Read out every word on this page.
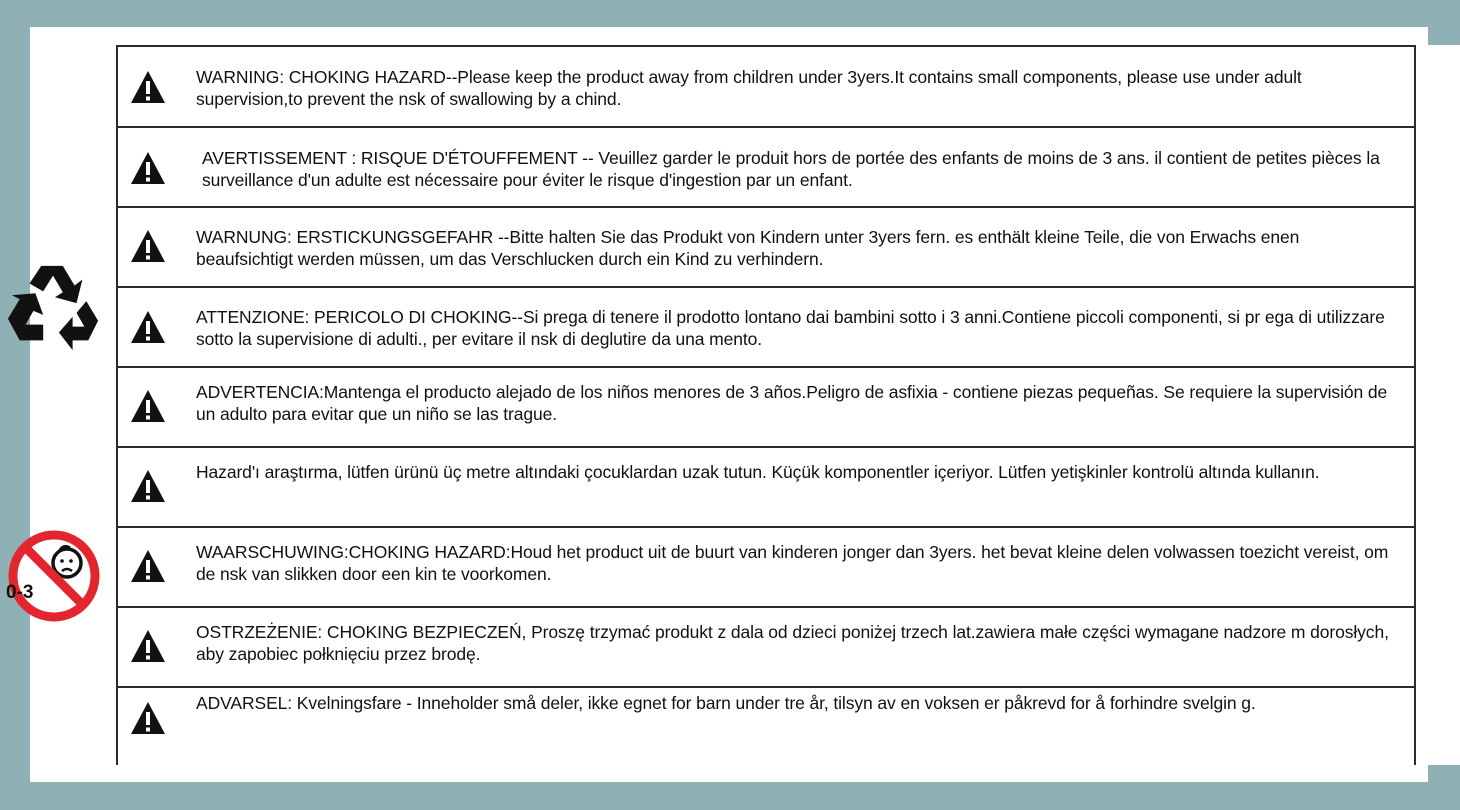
0-3
WARNING: CHOKING HAZARD--Please keep the product away from children under 3yers.It contains small components, please use under adult supervision,to prevent the nsk of swallowing by a chind.
AVERTISSEMENT : RISQUE D'ÉTOUFFEMENT -- Veuillez garder le produit hors de portée des enfants de moins de 3 ans. il contient de petites pièces la surveillance d'un adulte est nécessaire pour éviter le risque d'ingestion par un enfant.
WARNUNG: ERSTICKUNGSGEFAHR --Bitte halten Sie das Produkt von Kindern unter 3yers fern. es enthält kleine Teile, die von Erwachs enen beaufsichtigt werden müssen, um das Verschlucken durch ein Kind zu verhindern.
ATTENZIONE: PERICOLO DI CHOKING--Si prega di tenere il prodotto lontano dai bambini sotto i 3 anni.Contiene piccoli componenti, si pr ega di utilizzare sotto la supervisione di adulti., per evitare il nsk di deglutire da una mento.
ADVERTENCIA:Mantenga el producto alejado de los niños menores de 3 años.Peligro de asfixia - contiene piezas pequeñas. Se requiere la supervisión de un adulto para evitar que un niño se las trague.
Hazard'ı araştırma, lütfen ürünü üç metre altındaki çocuklardan uzak tutun. Küçük komponentler içeriyor. Lütfen yetişkinler kontrolü altında kullanın.
WAARSCHUWING:CHOKING HAZARD:Houd het product uit de buurt van kinderen jonger dan 3yers. het bevat kleine delen volwassen toezicht vereist, om de nsk van slikken door een kin te voorkomen.
OSTRZEŻENIE: CHOKING BEZPIECZEŃ, Proszę trzymać produkt z dala od dzieci poniżej trzech lat.zawiera małe części wymagane nadzore m dorosłych, aby zapobiec połknięciu przez brodę.
ADVARSEL: Kvelningsfare - Inneholder små deler, ikke egnet for barn under tre år, tilsyn av en voksen er påkrevd for å forhindre svelgin g.
